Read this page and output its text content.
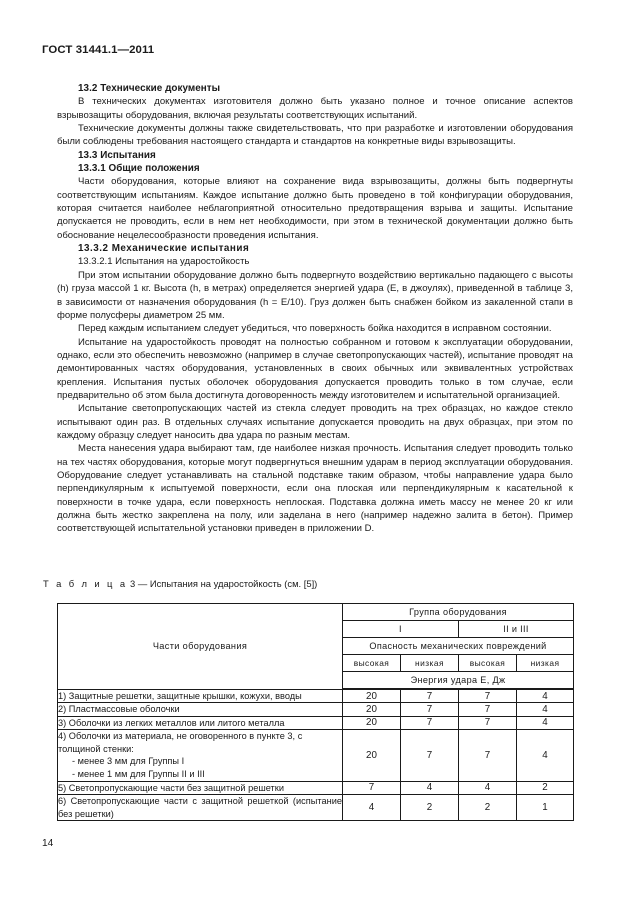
ГОСТ 31441.1—2011
13.2 Технические документы

В технических документах изготовителя должно быть указано полное и точное описание аспектов взрывозащиты оборудования, включая результаты соответствующих испытаний.

Технические документы должны также свидетельствовать, что при разработке и изготовлении оборудования были соблюдены требования настоящего стандарта и стандартов на конкретные виды взрывозащиты.

13.3 Испытания
13.3.1 Общие положения

Части оборудования, которые влияют на сохранение вида взрывозащиты, должны быть подвергнуты соответствующим испытаниям. Каждое испытание должно быть проведено в той конфигурации оборудования, которая считается наиболее неблагоприятной относительно предотвращения взрыва и защиты. Испытание допускается не проводить, если в нем нет необходимости, при этом в технической документации должно быть обоснование нецелесообразности проведения испытания.

13.3.2 Механические испытания
13.3.2.1 Испытания на ударостойкость

При этом испытании оборудование должно быть подвергнуто воздействию вертикально падающего с высоты (h) груза массой 1 кг. Высота (h, в метрах) определяется энергией удара (E, в джоулях), приведенной в таблице 3, в зависимости от назначения оборудования (h = E/10). Груз должен быть снабжен бойком из закаленной стапи в форме полусферы диаметром 25 мм.

Перед каждым испытанием следует убедиться, что поверхность бойка находится в исправном состоянии.

Испытание на ударостойкость проводят на полностью собранном и готовом к эксплуатации оборудовании, однако, если это обеспечить невозможно (например в случае светопропускающих частей), испытание проводят на демонтированных частях оборудования, установленных в своих обычных или эквивалентных устройствах крепления. Испытания пустых оболочек оборудования допускается проводить только в том случае, если предварительно об этом была достигнута договоренность между изготовителем и испытательной организацией.

Испытание светопропускающих частей из стекла следует проводить на трех образцах, но каждое стекло испытывают один раз. В отдельных случаях испытание допускается проводить на двух образцах, при этом по каждому образцу следует наносить два удара по разным местам.

Места нанесения удара выбирают там, где наиболее низкая прочность. Испытания следует проводить только на тех частях оборудования, которые могут подвергнуться внешним ударам в период эксплуатации оборудования. Оборудование следует устанавливать на стальной подставке таким образом, чтобы направление удара было перпендикулярным к испытуемой поверхности, если она плоская или перпендикулярным к касательной к поверхности в точке удара, если поверхность неплоская. Подставка должна иметь массу не менее 20 кг или должна быть жестко закреплена на полу, или заделана в него (например надежно залита в бетон). Пример соответствующей испытательной установки приведен в приложении D.

Т а б л и ц а 3 — Испытания на ударостойкость (см. [5])
Части оборудования	Группа оборудования			
	I		II и III	
	Опасность механических повреждений			
	высокая	низкая	высокая	низкая
	Энергия удара E, Дж			
1) Защитные решетки, защитные крышки, кожухи, вводы	20	7	7	4
2) Пластмассовые оболочки	20	7	7	4
3) Оболочки из легких металлов или литого металла	20	7	7	4
4) Оболочки из материала, не оговоренного в пункте 3, с толщиной стенки:
- менее 3 мм для Группы I
- менее 1 мм для Группы II и III	20	7	7	4
5) Светопропускающие части без защитной решетки	7	4	4	2
6) Светопропускающие части с защитной решеткой (испытание без решетки)	4	2	2	1
14
